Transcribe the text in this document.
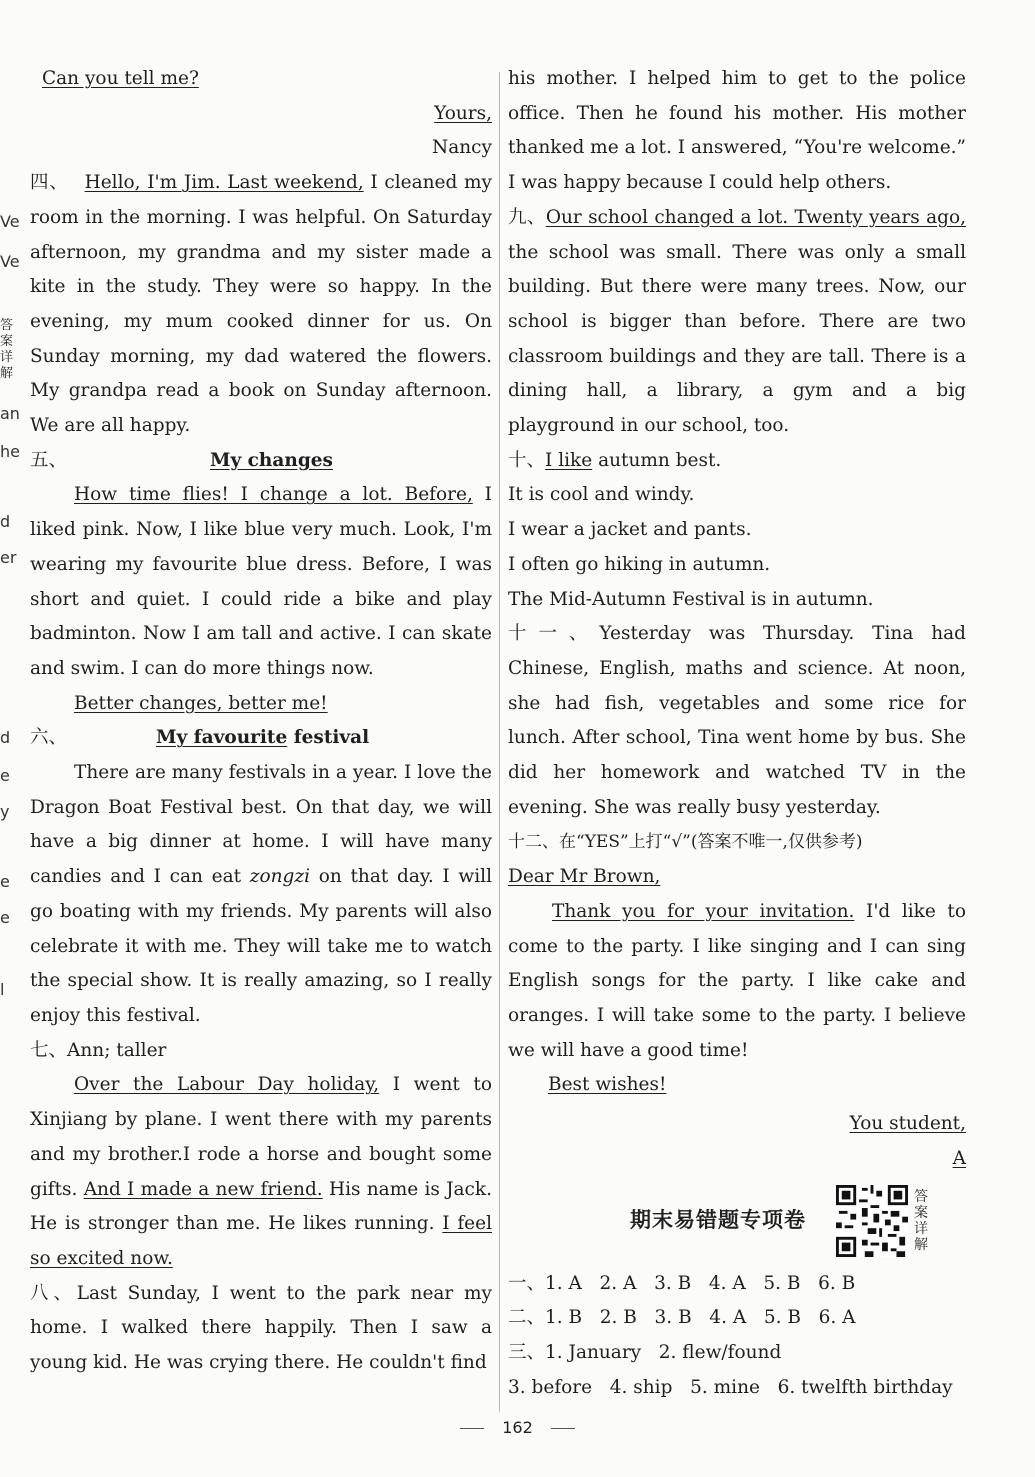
Ve
Ve
答案详解
an
he
d
er
d
e
y
e
e
l

Can you tell me?

Yours,

Nancy

四、 Hello, I'm Jim. Last weekend, I cleaned my room in the morning. I was helpful. On Saturday afternoon, my grandma and my sister made a kite in the study. They were so happy. In the evening, my mum cooked dinner for us. On Sunday morning, my dad watered the flowers. My grandpa read a book on Sunday afternoon. We are all happy.

五、	My changes

How time flies! I change a lot. Before, I liked pink. Now, I like blue very much. Look, I'm wearing my favourite blue dress. Before, I was short and quiet. I could ride a bike and play badminton. Now I am tall and active. I can skate and swim. I can do more things now.

Better changes, better me!

六、	My favourite festival

There are many festivals in a year. I love the Dragon Boat Festival best. On that day, we will have a big dinner at home. I will have many candies and I can eat zongzi on that day. I will go boating with my friends. My parents will also celebrate it with me. They will take me to watch the special show. It is really amazing, so I really enjoy this festival.

七、Ann; taller

Over the Labour Day holiday, I went to Xinjiang by plane. I went there with my parents and my brother.I rode a horse and bought some gifts. And I made a new friend. His name is Jack. He is stronger than me. He likes running. I feel so excited now.

八、Last Sunday, I went to the park near my home. I walked there happily. Then I saw a young kid. He was crying there. He couldn't find

his mother. I helped him to get to the police office. Then he found his mother. His mother thanked me a lot. I answered, “You're welcome.” I was happy because I could help others.

九、Our school changed a lot. Twenty years ago, the school was small. There was only a small building. But there were many trees. Now, our school is bigger than before. There are two classroom buildings and they are tall. There is a dining hall, a library, a gym and a big playground in our school, too.

十、I like autumn best.

It is cool and windy.

I wear a jacket and pants.

I often go hiking in autumn.

The Mid-Autumn Festival is in autumn.

十一、Yesterday was Thursday. Tina had Chinese, English, maths and science. At noon, she had fish, vegetables and some rice for lunch. After school, Tina went home by bus. She did her homework and watched TV in the evening. She was really busy yesterday.

十二、在“YES”上打“√”(答案不唯一,仅供参考)

Dear Mr Brown,

Thank you for your invitation. I'd like to come to the party. I like singing and I can sing English songs for the party. I like cake and oranges. I will take some to the party. I believe we will have a good time!

Best wishes!

You student,

A

期末易错题专项卷
答案详解

一、1. A   2. A   3. B   4. A   5. B   6. B

二、1. B   2. B   3. B   4. A   5. B   6. A

三、1. January   2. flew/found

3. before   4. ship   5. mine   6. twelfth birthday

162
